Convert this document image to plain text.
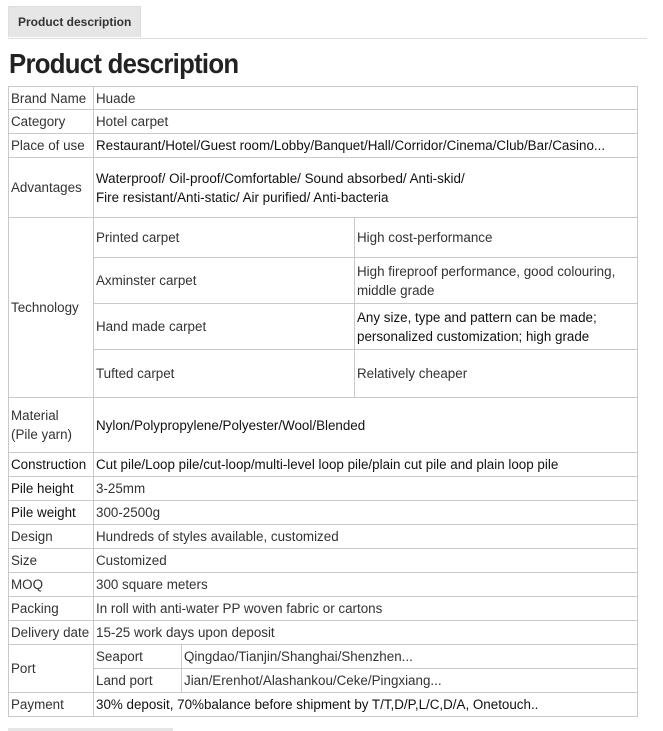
Product description
Product description
Brand Name	Huade		
Category	Hotel carpet		
Place of use	Restaurant/Hotel/Guest room/Lobby/Banquet/Hall/Corridor/Cinema/Club/Bar/Casino...		
Advantages	Waterproof/ Oil-proof/Comfortable/ Sound absorbed/ Anti-skid/
Fire resistant/Anti-static/ Air purified/ Anti-bacteria		

Technology	Printed carpet		High cost-performance

	Axminster carpet		High fireproof performance, good colouring,
middle grade

	Hand made carpet		Any size, type and pattern can be made;
personalized customization; high grade

	Tufted carpet		Relatively cheaper

Material
(Pile yarn)	Nylon/Polypropylene/Polyester/Wool/Blended		
Construction	Cut pile/Loop pile/cut-loop/multi-level loop pile/plain cut pile and plain loop pile		
Pile height	3-25mm		
Pile weight	300-2500g		
Design	Hundreds of styles available, customized		
Size	Customized		
MOQ	300 square meters		
Packing	In roll with anti-water PP woven fabric or cartons		
Delivery date	15-25 work days upon deposit		
Port	Seaport	Qingdao/Tianjin/Shanghai/Shenzhen...	
	Land port	Jian/Erenhot/Alashankou/Ceke/Pingxiang...	
Payment	30% deposit, 70%balance before shipment by T/T,D/P,L/C,D/A, Onetouch..		
